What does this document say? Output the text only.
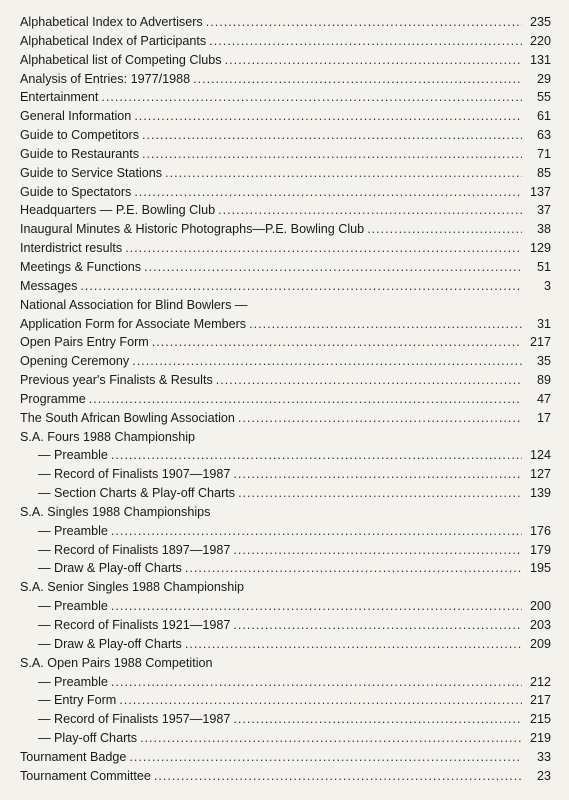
Alphabetical Index to Advertisers .....	235
Alphabetical Index of Participants .....	220
Alphabetical list of Competing Clubs .....	131
Analysis of Entries: 1977/1988 .....	29
Entertainment .....	55
General Information .....	61
Guide to Competitors .....	63
Guide to Restaurants .....	71
Guide to Service Stations .....	85
Guide to Spectators .....	137
Headquarters — P.E. Bowling Club .....	37
Inaugural Minutes & Historic Photographs—P.E. Bowling Club .....	38
Interdistrict results .....	129
Meetings & Functions .....	51
Messages .....	3
National Association for Blind Bowlers —
Application Form for Associate Members .....	31
Open Pairs Entry Form .....	217
Opening Ceremony .....	35
Previous year's Finalists & Results .....	89
Programme .....	47
The South African Bowling Association .....	17
S.A. Fours 1988 Championship
— Preamble .....	124
— Record of Finalists 1907—1987 .....	127
— Section Charts & Play-off Charts .....	139
S.A. Singles 1988 Championships
— Preamble .....	176
— Record of Finalists 1897—1987 .....	179
— Draw & Play-off Charts .....	195
S.A. Senior Singles 1988 Championship
— Preamble .....	200
— Record of Finalists 1921—1987 .....	203
— Draw & Play-off Charts .....	209
S.A. Open Pairs 1988 Competition
— Preamble .....	212
— Entry Form .....	217
— Record of Finalists 1957—1987 .....	215
— Play-off Charts .....	219
Tournament Badge .....	33
Tournament Committee .....	23
